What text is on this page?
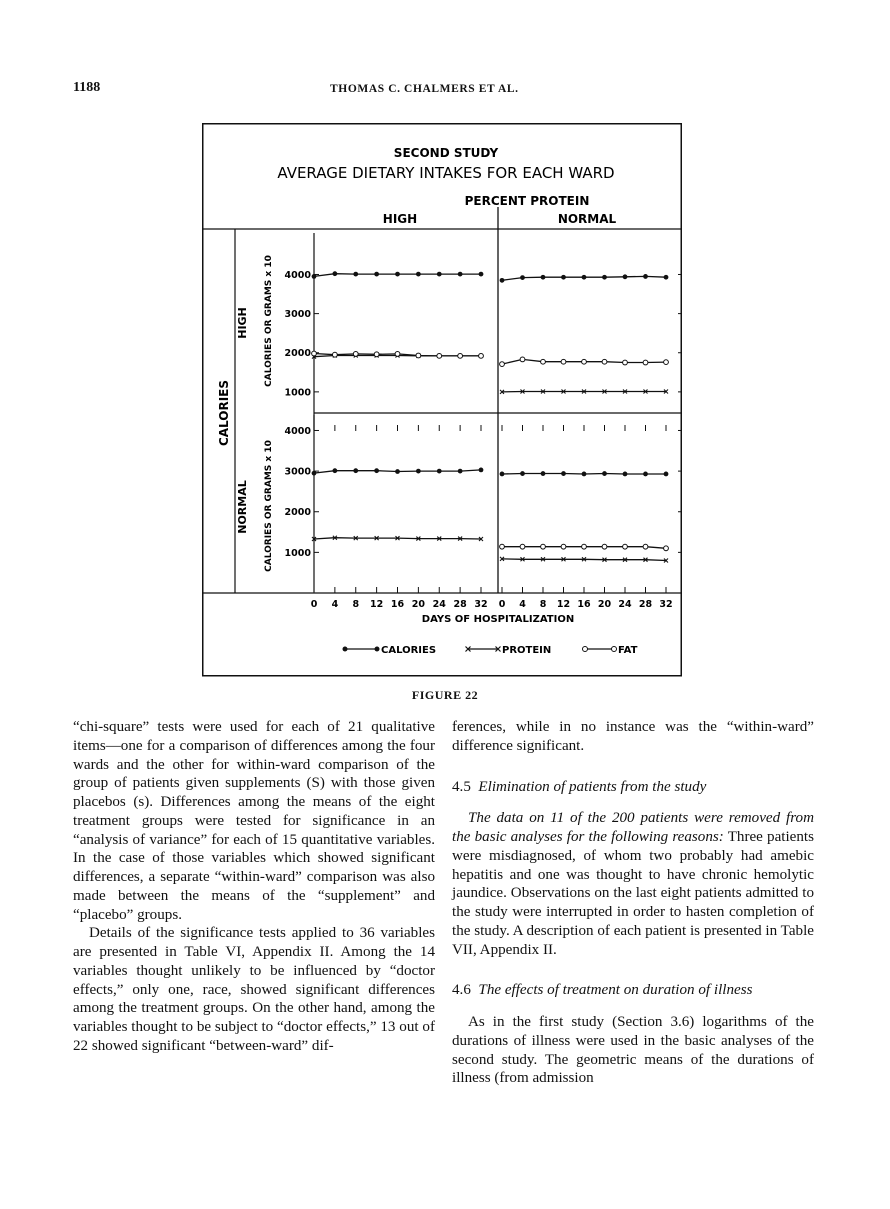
1188	THOMAS C. CHALMERS ET AL.
SECOND STUDY
AVERAGE DIETARY INTAKES FOR EACH WARD
PERCENT PROTEIN
HIGH	NORMAL
CALORIES
HIGH
NORMAL
CALORIES OR GRAMS x 10
CALORIES OR GRAMS x 10
DAYS OF HOSPITALIZATION
4000
3000
2000
1000
4000
3000
2000
1000
0 4 8 12 16 20 24 28 32 0 4 8 12 16 20 24 28 32
CALORIES	PROTEIN	FAT
FIGURE 22

“chi-square” tests were used for each of 21 qualitative items—one for a comparison of differences among the four wards and the other for within-ward comparison of the group of patients given supplements (S) with those given placebos (s). Differences among the means of the eight treatment groups were tested for significance in an “analysis of variance” for each of 15 quantitative variables. In the case of those variables which showed significant differences, a separate “within-ward” comparison was also made between the means of the “supplement” and “placebo” groups.

Details of the significance tests applied to 36 variables are presented in Table VI, Appendix II. Among the 14 variables thought unlikely to be influenced by “doctor effects,” only one, race, showed significant differences among the treatment groups. On the other hand, among the variables thought to be subject to “doctor effects,” 13 out of 22 showed significant “between-ward” dif-

ferences, while in no instance was the “within-ward” difference significant.

4.5 Elimination of patients from the study

The data on 11 of the 200 patients were removed from the basic analyses for the following reasons: Three patients were misdiagnosed, of whom two probably had amebic hepatitis and one was thought to have chronic hemolytic jaundice. Observations on the last eight patients admitted to the study were interrupted in order to hasten completion of the study. A description of each patient is presented in Table VII, Appendix II.

4.6 The effects of treatment on duration of illness

As in the first study (Section 3.6) logarithms of the durations of illness were used in the basic analyses of the second study. The geometric means of the durations of illness (from admission
